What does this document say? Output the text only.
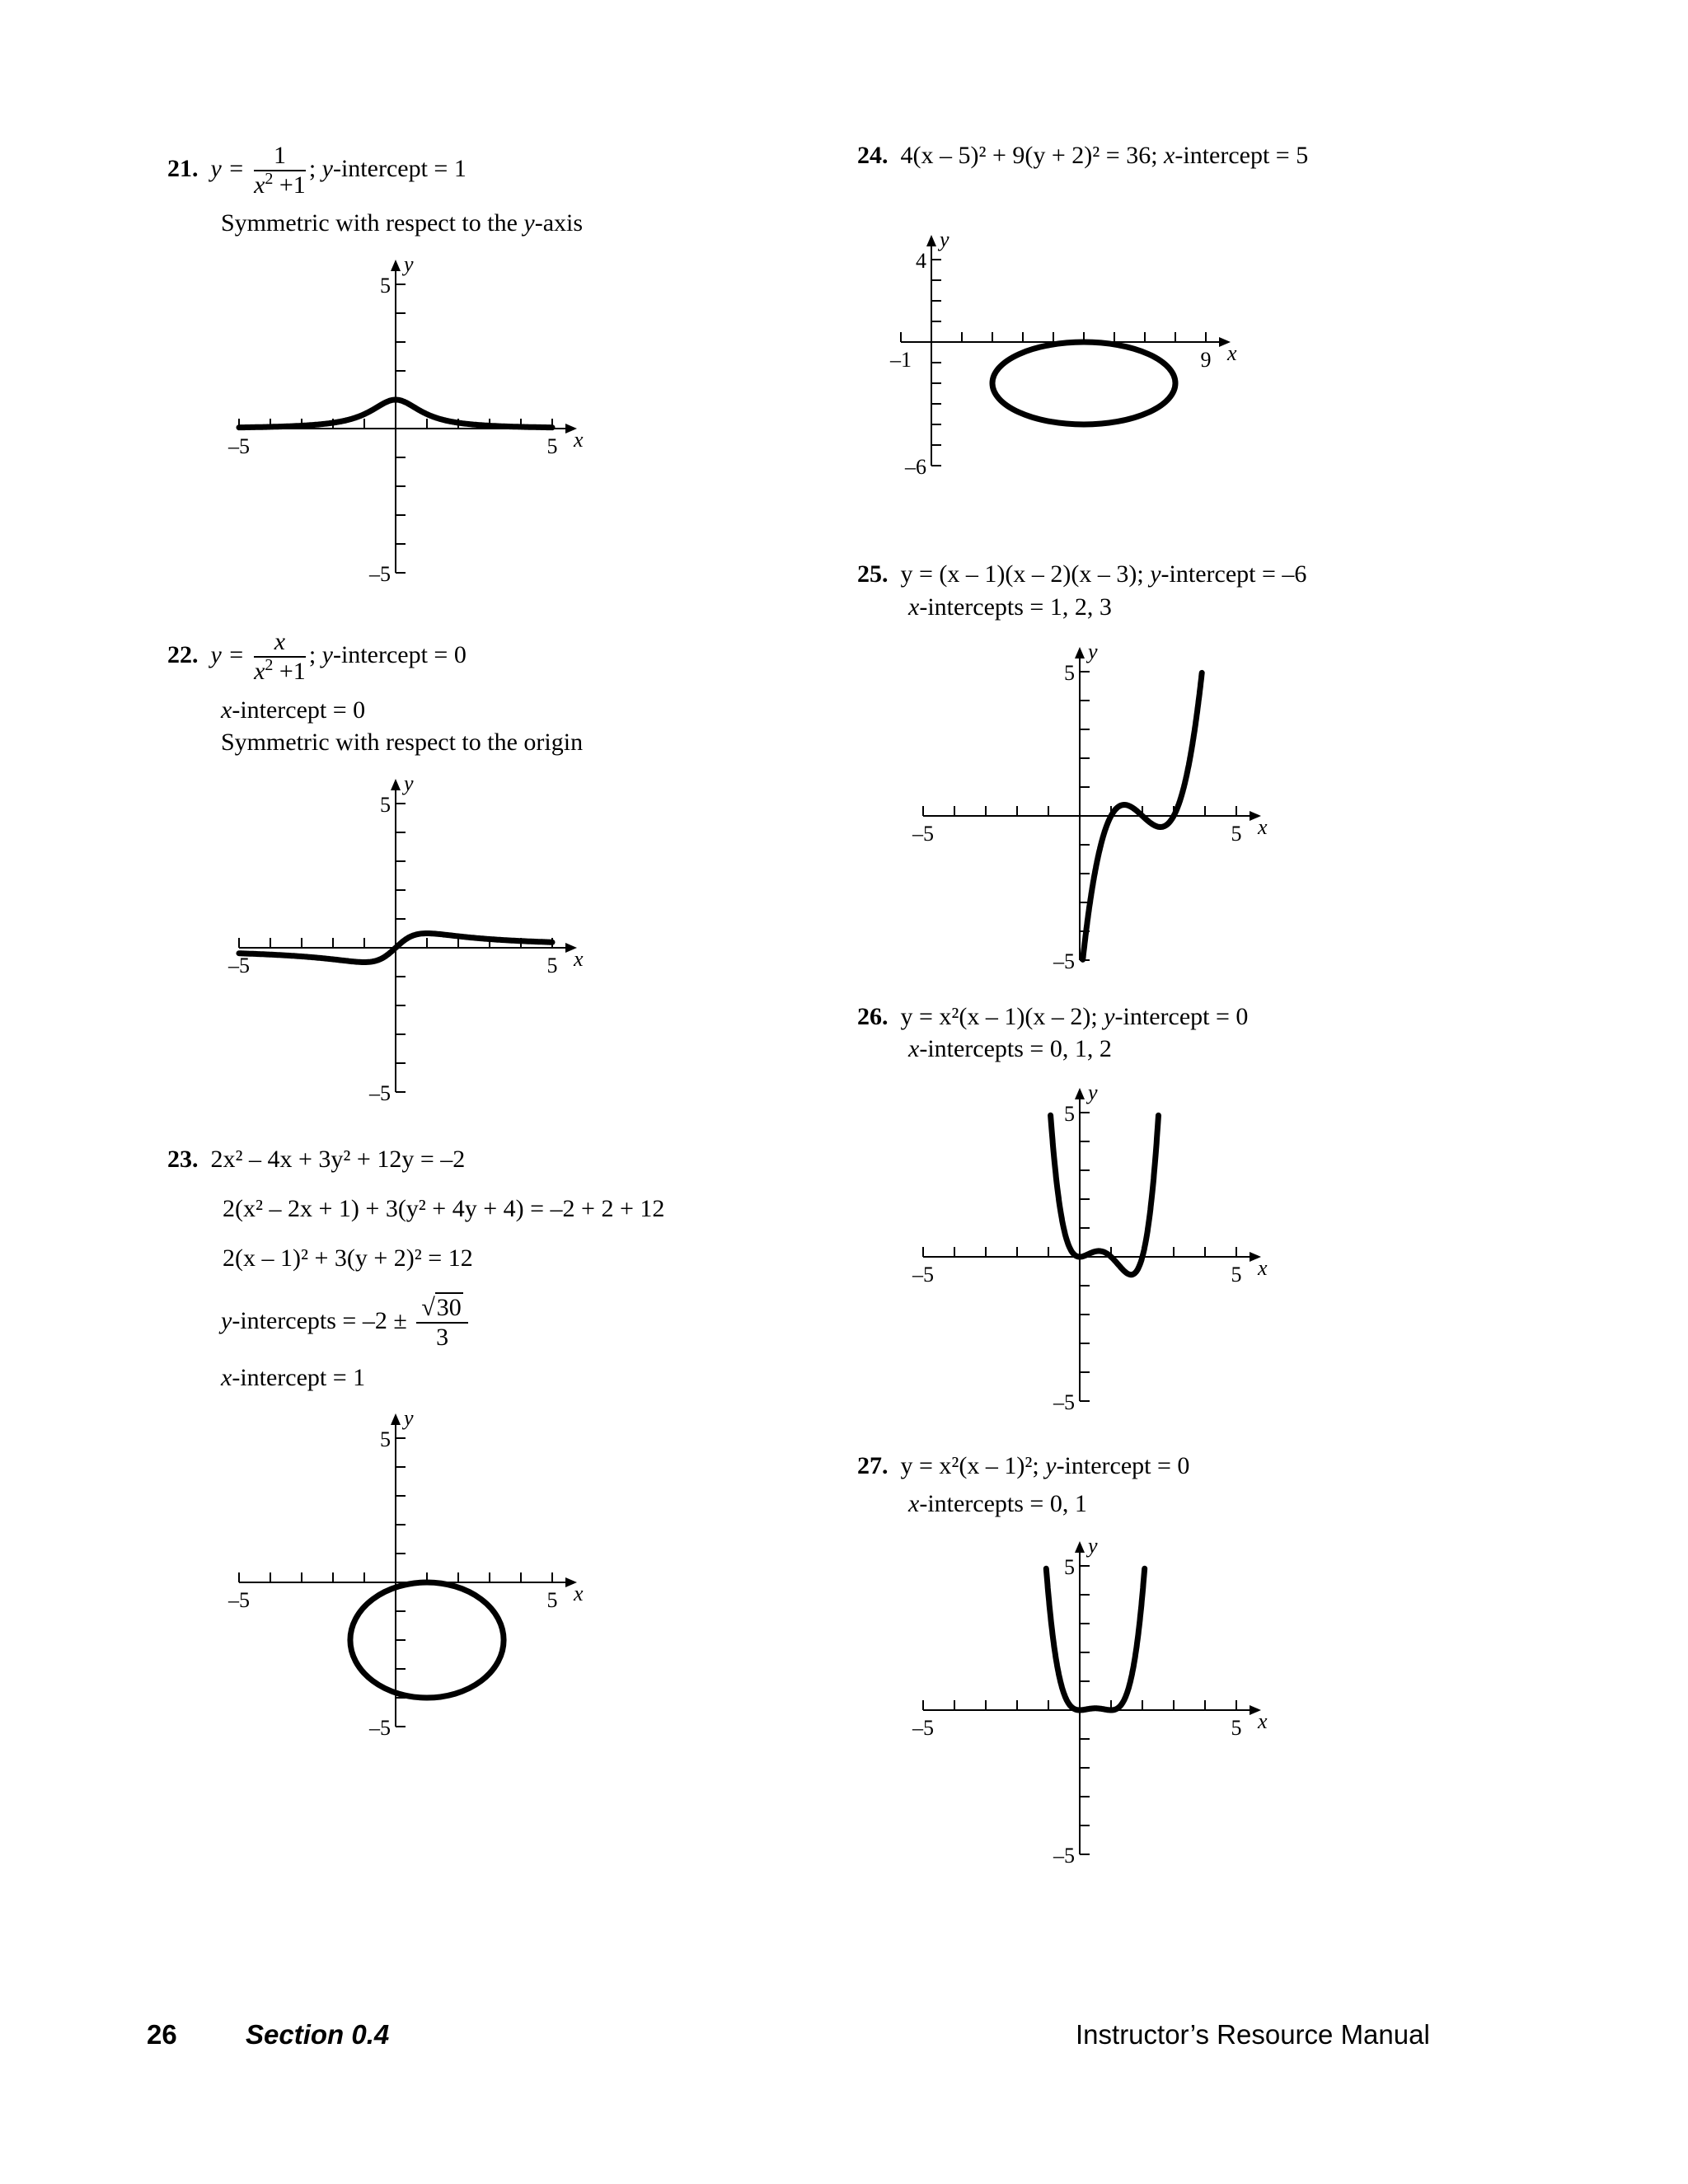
21. $y = \frac{1}{x^2 +1}$ ; y-intercept = 1
Symmetric with respect to the y-axis
22. $y = \frac{x}{x^2 +1}$ ; y-intercept = 0
x-intercept = 0
Symmetric with respect to the origin
23. 2x² – 4x + 3y² + 12y = –2
2(x² – 2x + 1) + 3(y² + 4y + 4) = –2 + 2 + 12
2(x – 1)² + 3(y + 2)² = 12
y-intercepts = $-2 \pm \frac{√30}{3}$
x-intercept = 1
24. 4(x – 5)² + 9(y + 2)² = 36; x-intercept = 5
25. y = (x – 1)(x – 2)(x – 3); y-intercept = –6
x-intercepts = 1, 2, 3
26. y = x²(x – 1)(x – 2); y-intercept = 0
x-intercepts = 0, 1, 2
27. y = x²(x – 1)²; y-intercept = 0
x-intercepts = 0, 1
–5	5 x
5
–5
y
–5	5 x
5
–5
y
–5	5 x
5
–5
y
–1	9 x
4
–6
y
–5	5 x
5
–5
y
–5	5 x
5
–5
y
–5	5 x
5
–5
y
26	Section 0.4	Instructor’s Resource Manual
